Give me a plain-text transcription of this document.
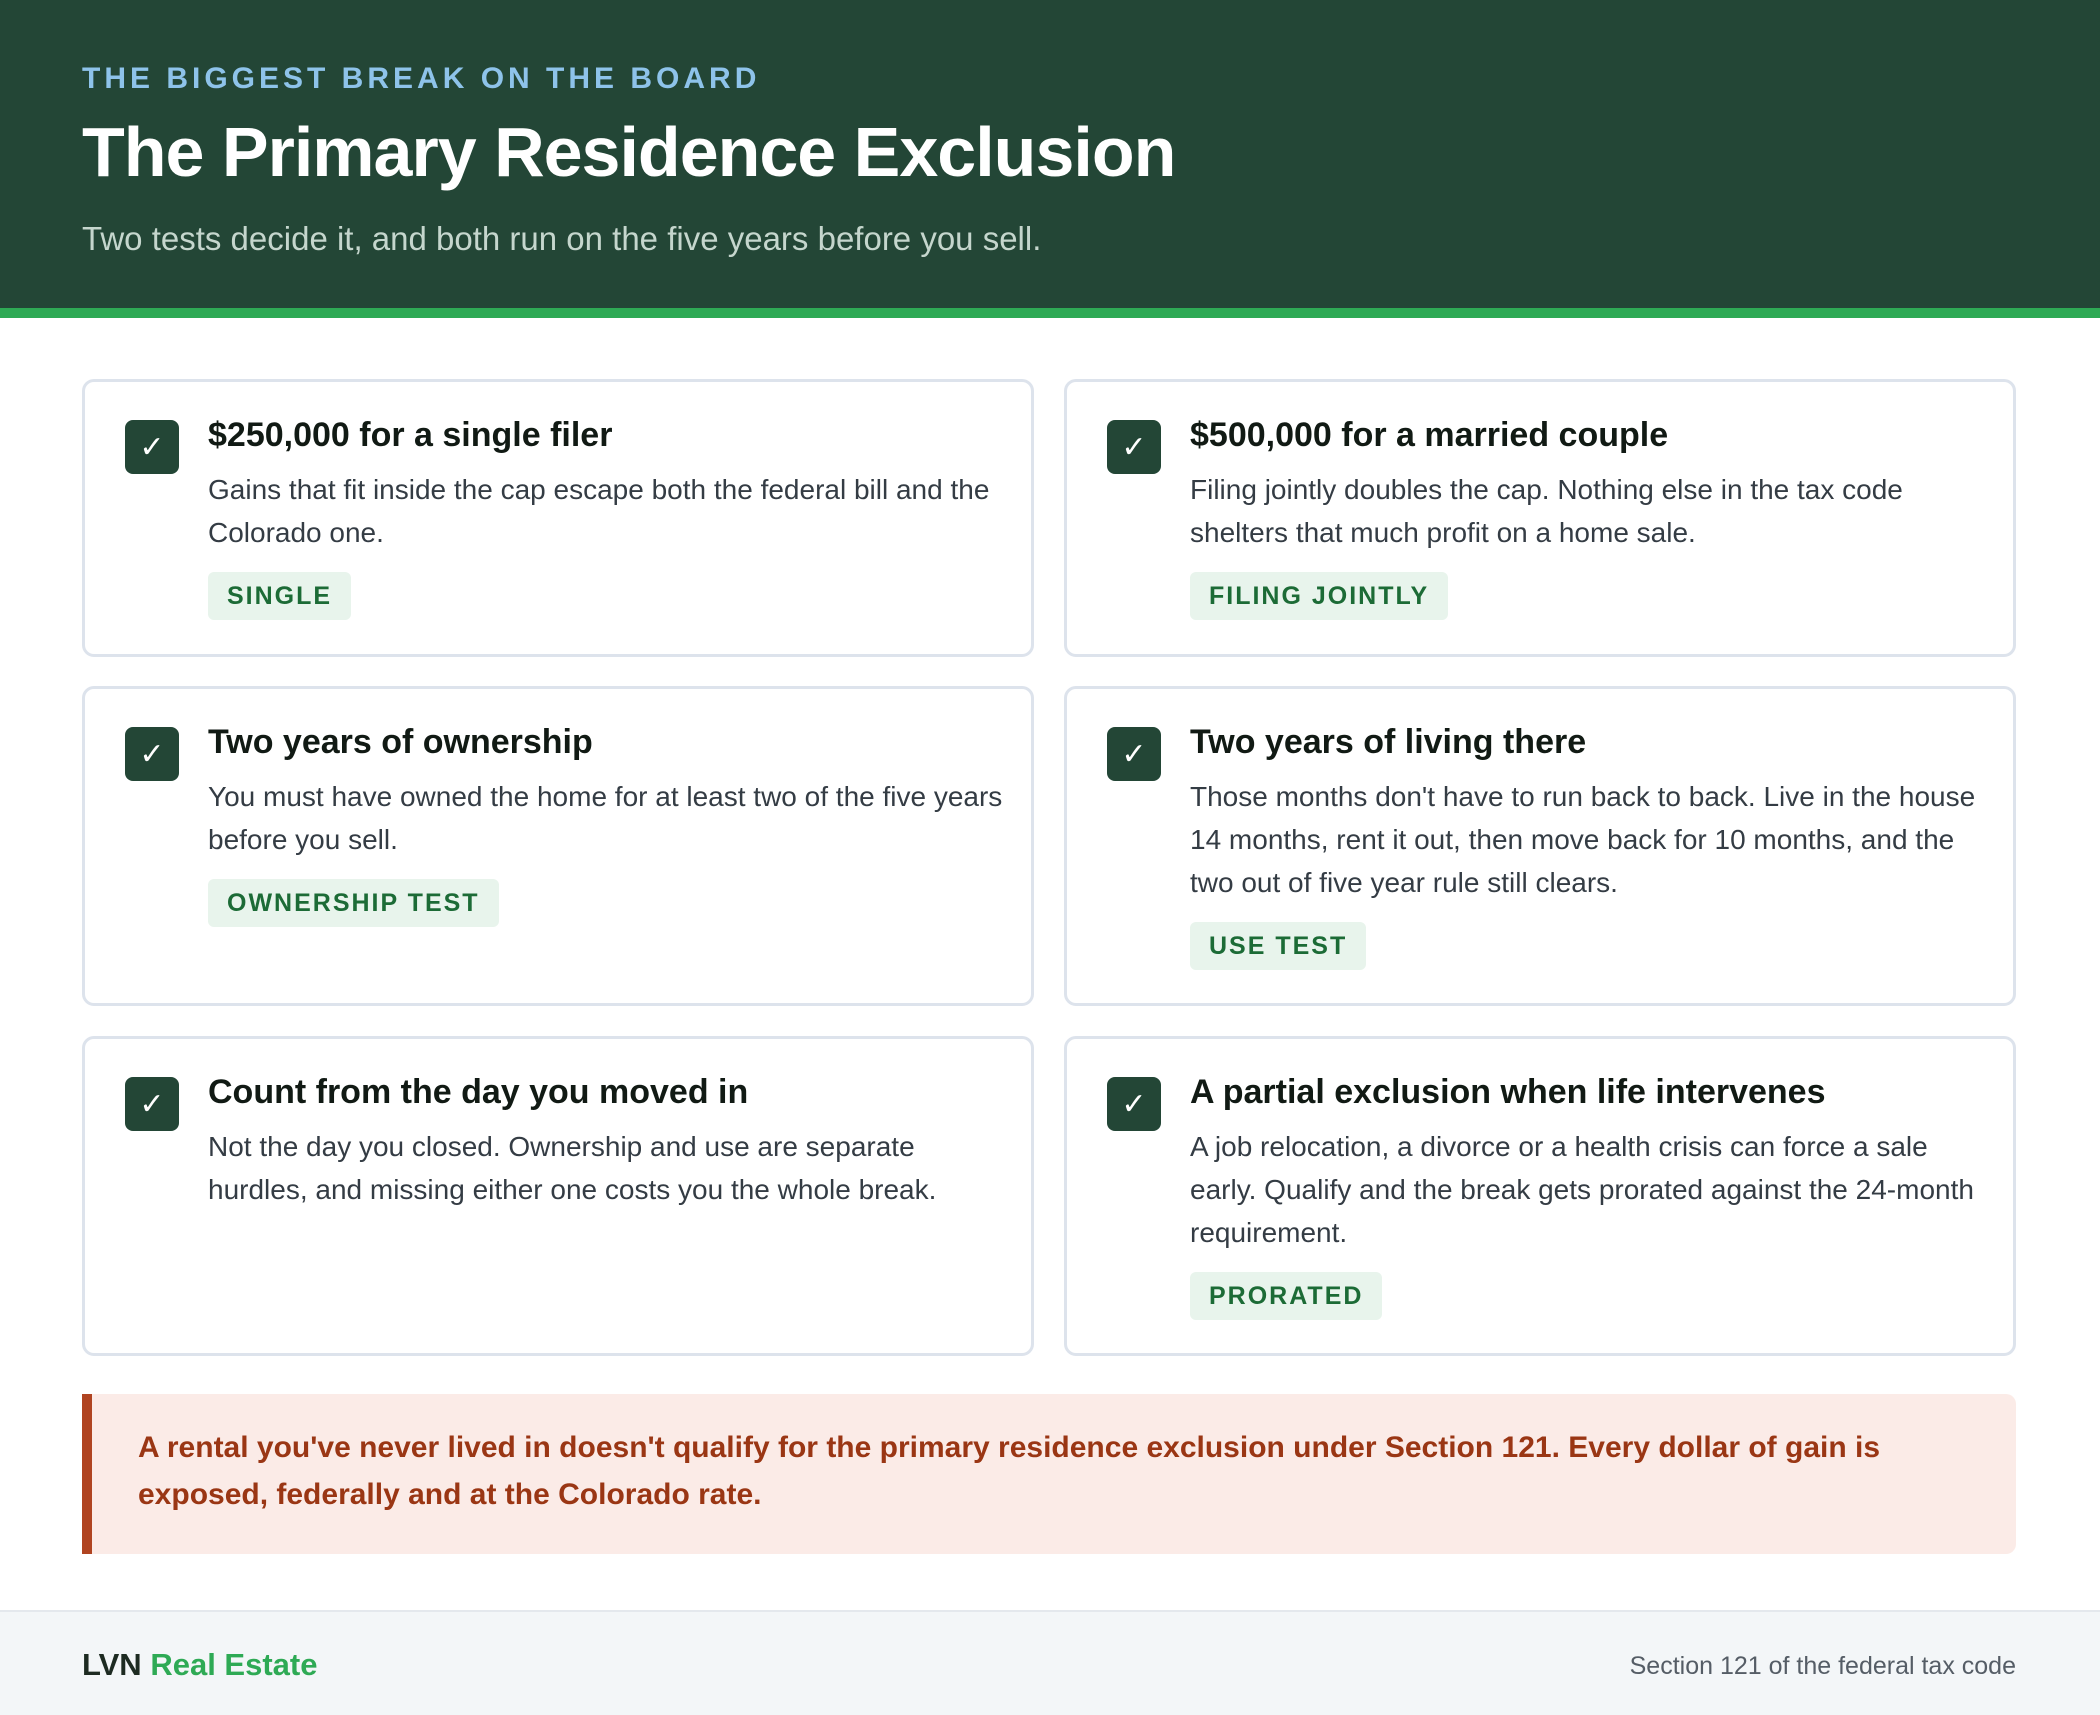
THE BIGGEST BREAK ON THE BOARD
The Primary Residence Exclusion
Two tests decide it, and both run on the five years before you sell.
✓	$250,000 for a single filer
Gains that fit inside the cap escape both the federal bill and the Colorado one.
SINGLE
✓	$500,000 for a married couple
Filing jointly doubles the cap. Nothing else in the tax code shelters that much profit on a home sale.
FILING JOINTLY
✓	Two years of ownership
You must have owned the home for at least two of the five years before you sell.
OWNERSHIP TEST
✓	Two years of living there
Those months don't have to run back to back. Live in the house 14 months, rent it out, then move back for 10 months, and the two out of five year rule still clears.
USE TEST
✓	Count from the day you moved in
Not the day you closed. Ownership and use are separate hurdles, and missing either one costs you the whole break.
✓	A partial exclusion when life intervenes
A job relocation, a divorce or a health crisis can force a sale early. Qualify and the break gets prorated against the 24-month requirement.
PRORATED
A rental you've never lived in doesn't qualify for the primary residence exclusion under Section 121. Every dollar of gain is exposed, federally and at the Colorado rate.
LVN Real Estate	Section 121 of the federal tax code
